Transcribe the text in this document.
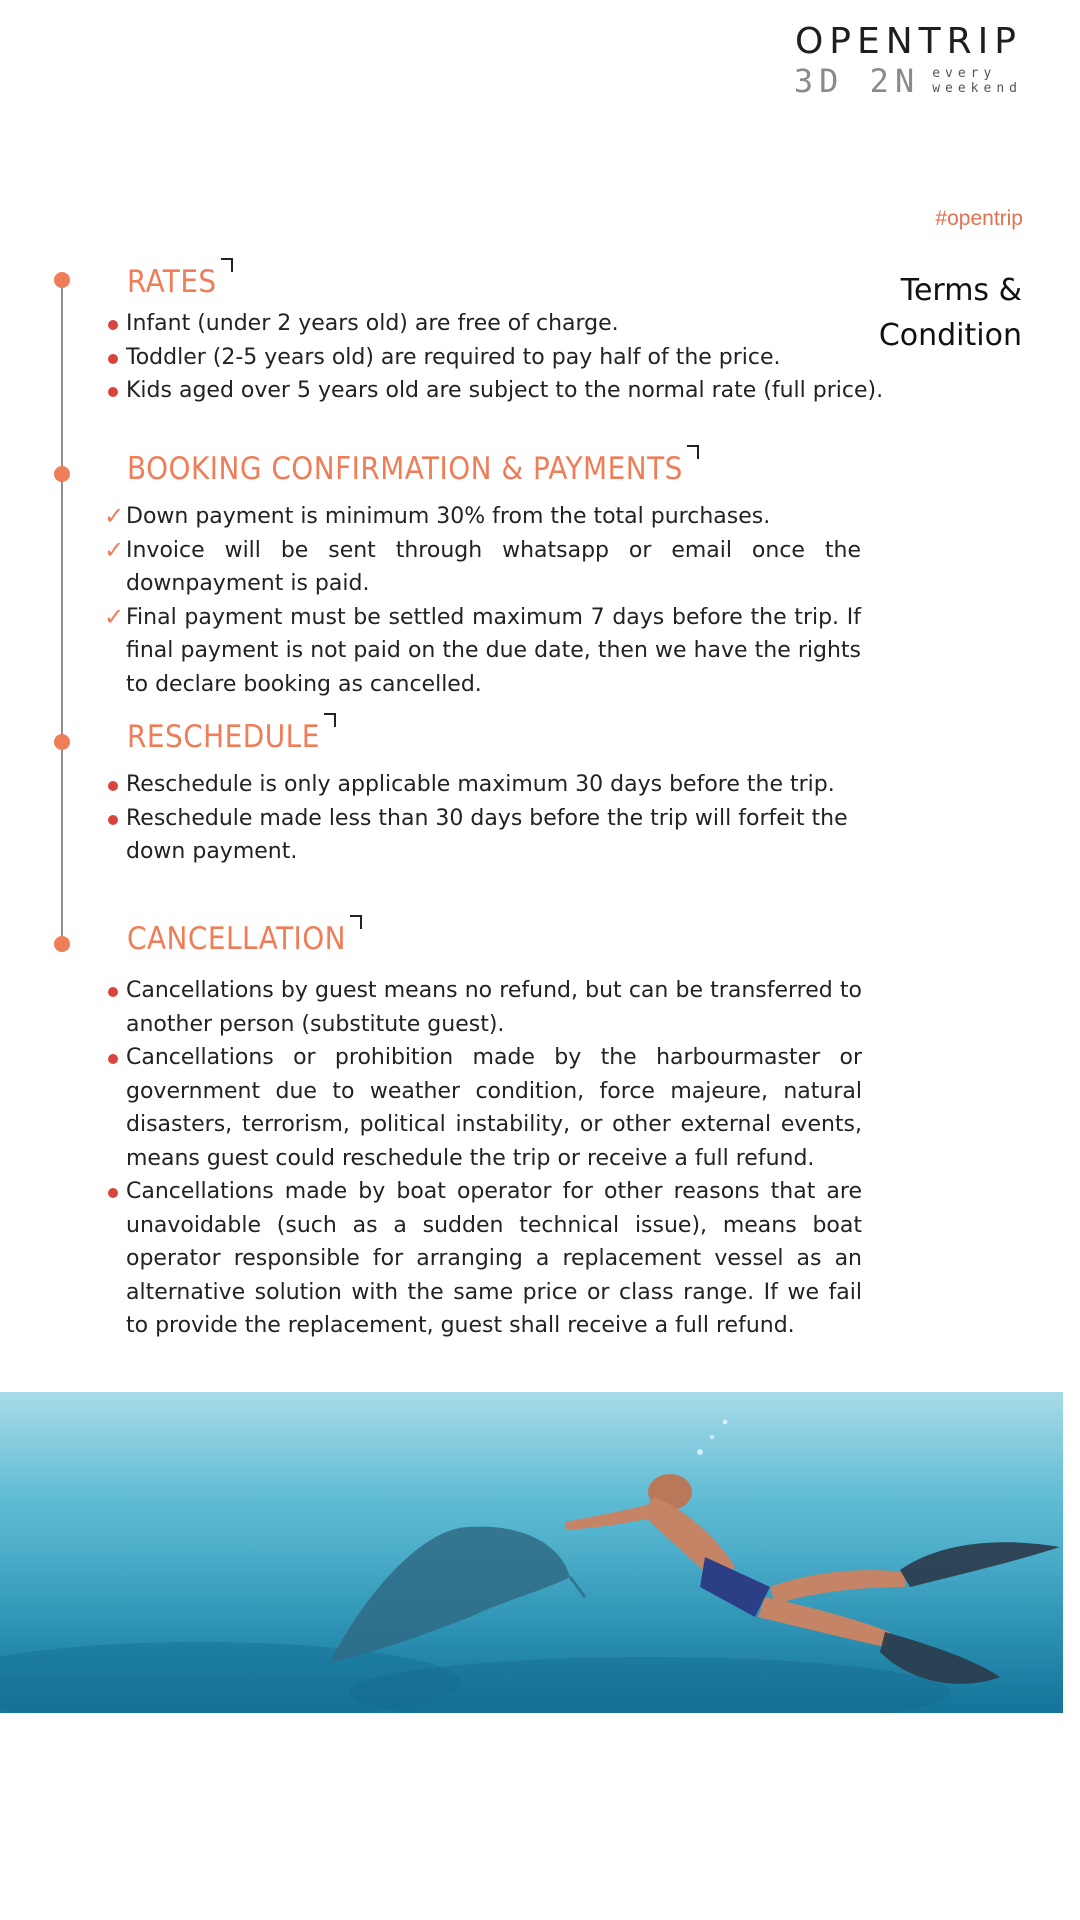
OPENTRIP
3D 2N every
weekend
#opentrip
Terms &
Condition
RATES
Infant (under 2 years old) are free of charge.
Toddler (2-5 years old) are required to pay half of the price.
Kids aged over 5 years old are subject to the normal rate (full price).
BOOKING CONFIRMATION & PAYMENTS
✓ Down payment is minimum 30% from the total purchases.
✓ Invoice will be sent through whatsapp or email once the downpayment is paid.
✓ Final payment must be settled maximum 7 days before the trip. If final payment is not paid on the due date, then we have the rights to declare booking as cancelled.
RESCHEDULE
Reschedule is only applicable maximum 30 days before the trip.
Reschedule made less than 30 days before the trip will forfeit the down payment.
CANCELLATION
Cancellations by guest means no refund, but can be transferred to another person (substitute guest).
Cancellations or prohibition made by the harbourmaster or government due to weather condition, force majeure, natural disasters, terrorism, political instability, or other external events, means guest could reschedule the trip or receive a full refund.
Cancellations made by boat operator for other reasons that are unavoidable (such as a sudden technical issue), means boat operator responsible for arranging a replacement vessel as an alternative solution with the same price or class range. If we fail to provide the replacement, guest shall receive a full refund.
